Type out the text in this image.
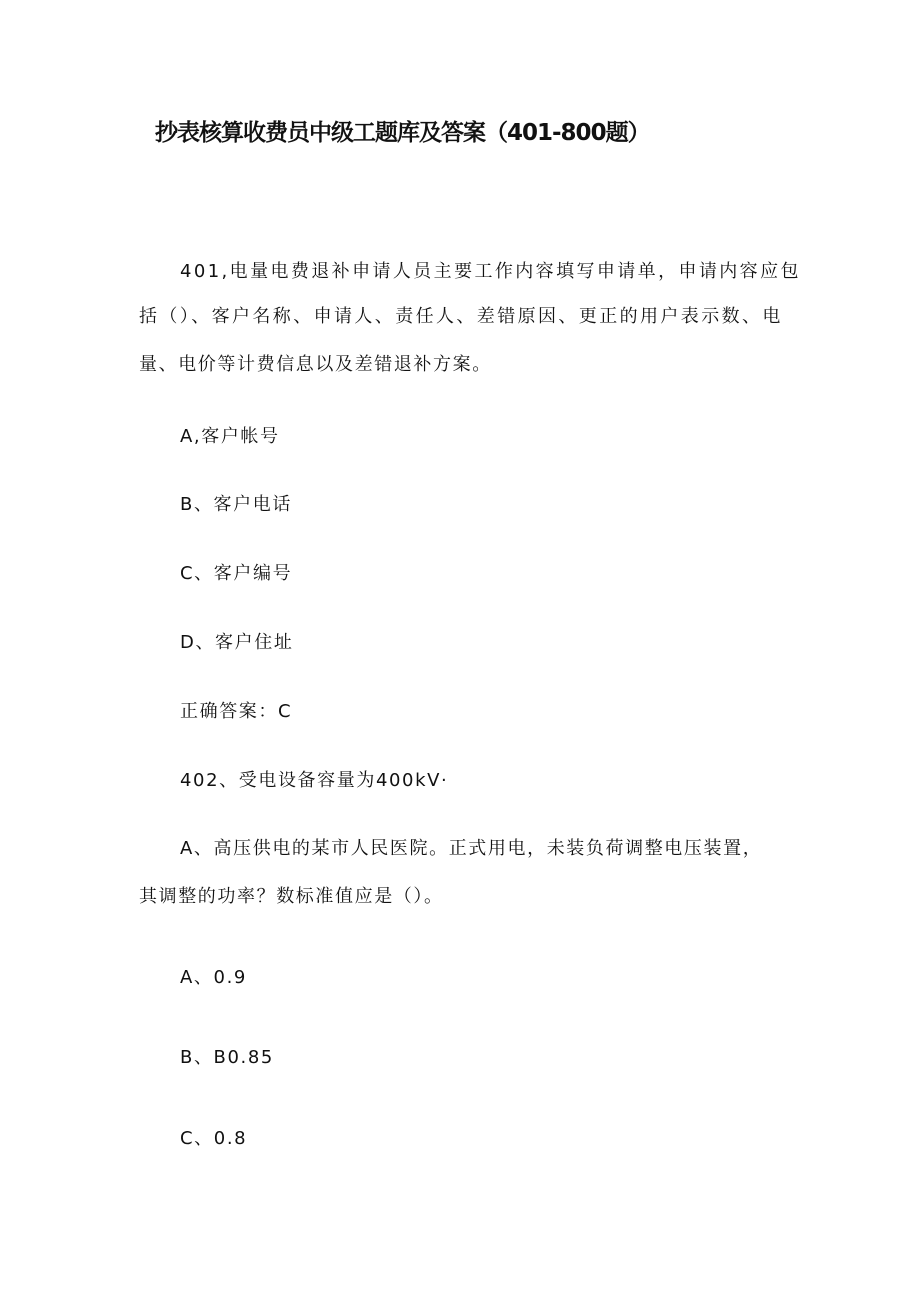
抄表核算收费员中级工题库及答案（401-800题）
401,电量电费退补申请人员主要工作内容填写申请单，申请内容应包
括（）、客户名称、申请人、责任人、差错原因、更正的用户表示数、电
量、电价等计费信息以及差错退补方案。
A,客户帐号
B、客户电话
C、客户编号
D、客户住址
正确答案：C
402、受电设备容量为400kV·
A、高压供电的某市人民医院。正式用电，未装负荷调整电压装置，
其调整的功率？数标准值应是（）。
A、0.9
B、B0.85
C、0.8
